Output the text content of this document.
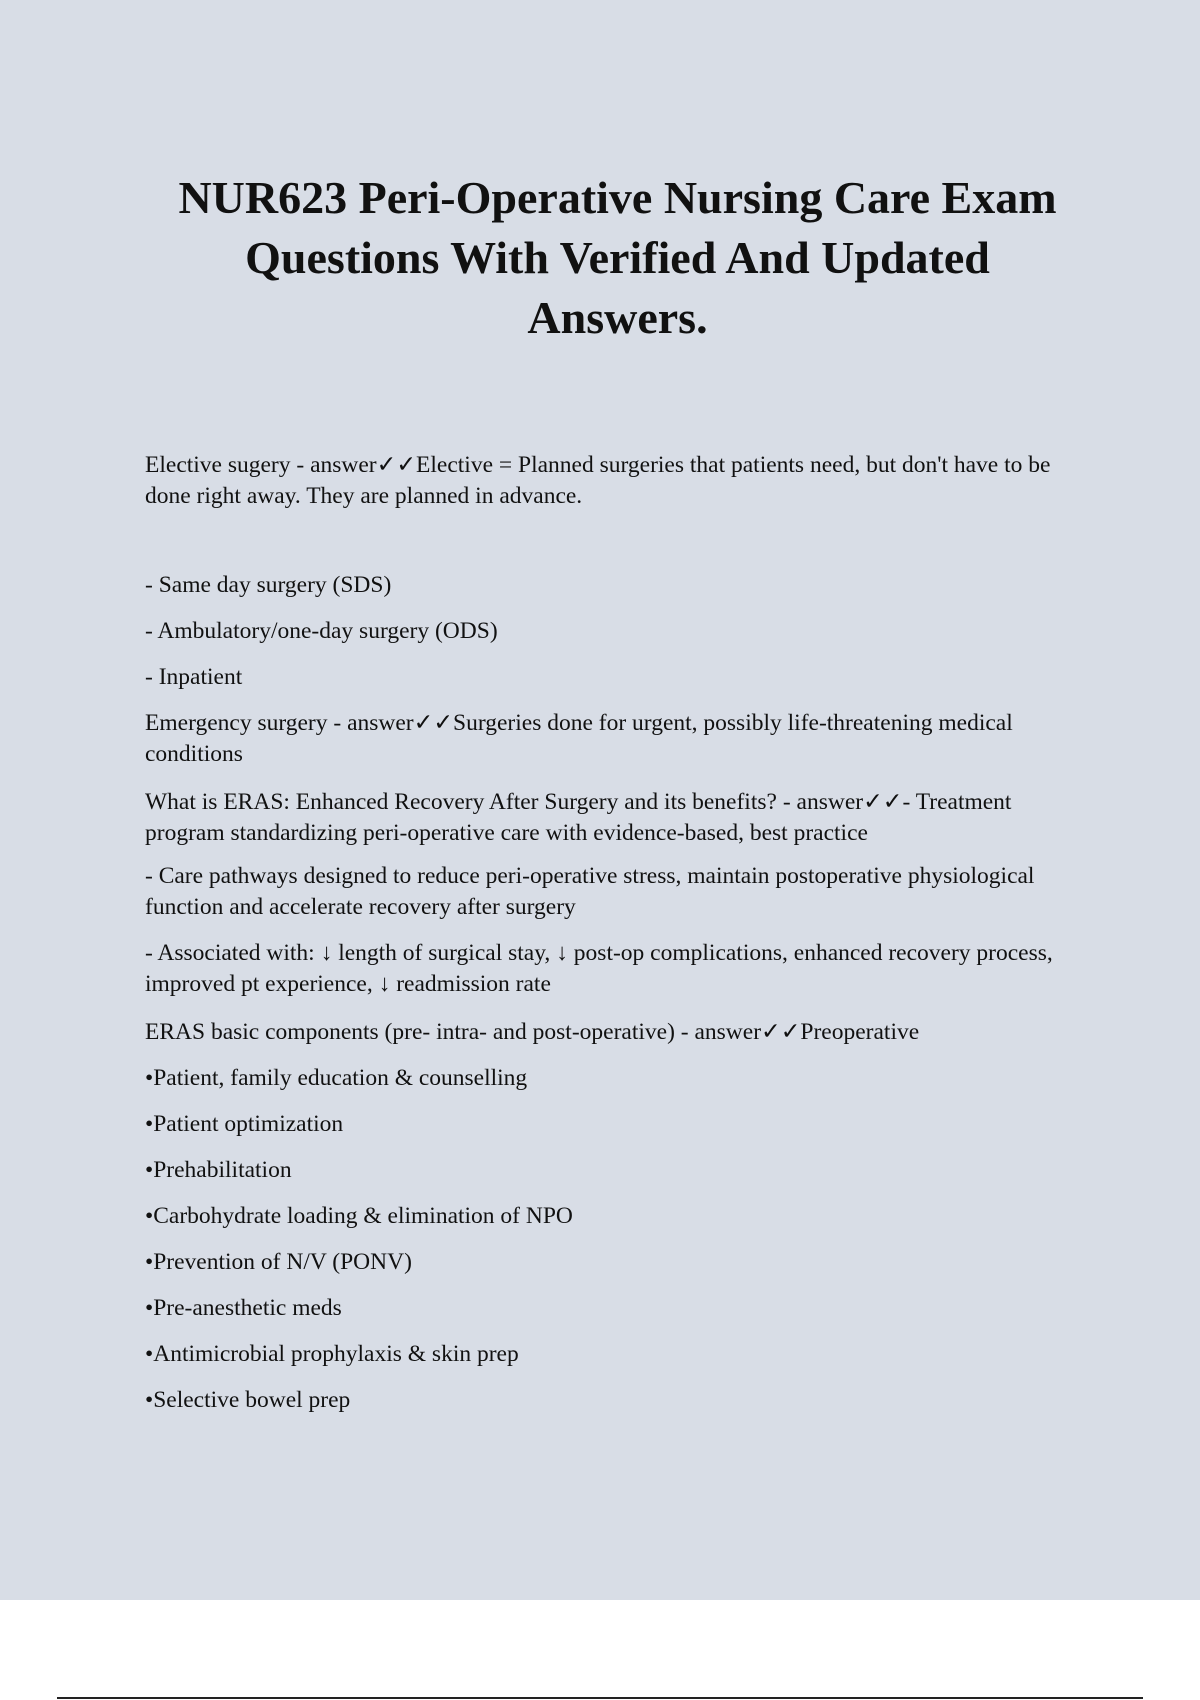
NUR623 Peri-Operative Nursing Care Exam
Questions With Verified And Updated
Answers.

Elective sugery - answer✓✓Elective = Planned surgeries that patients need, but don't have to be done right away. They are planned in advance.

- Same day surgery (SDS)

- Ambulatory/one-day surgery (ODS)

- Inpatient

Emergency surgery - answer✓✓Surgeries done for urgent, possibly life-threatening medical conditions

What is ERAS: Enhanced Recovery After Surgery and its benefits? - answer✓✓- Treatment program standardizing peri-operative care with evidence-based, best practice

- Care pathways designed to reduce peri-operative stress, maintain postoperative physiological function and accelerate recovery after surgery

- Associated with: ↓ length of surgical stay, ↓ post-op complications, enhanced recovery process, improved pt experience, ↓ readmission rate

ERAS basic components (pre- intra- and post-operative) - answer✓✓Preoperative

•Patient, family education & counselling

•Patient optimization

•Prehabilitation

•Carbohydrate loading & elimination of NPO

•Prevention of N/V (PONV)

•Pre-anesthetic meds

•Antimicrobial prophylaxis & skin prep

•Selective bowel prep
